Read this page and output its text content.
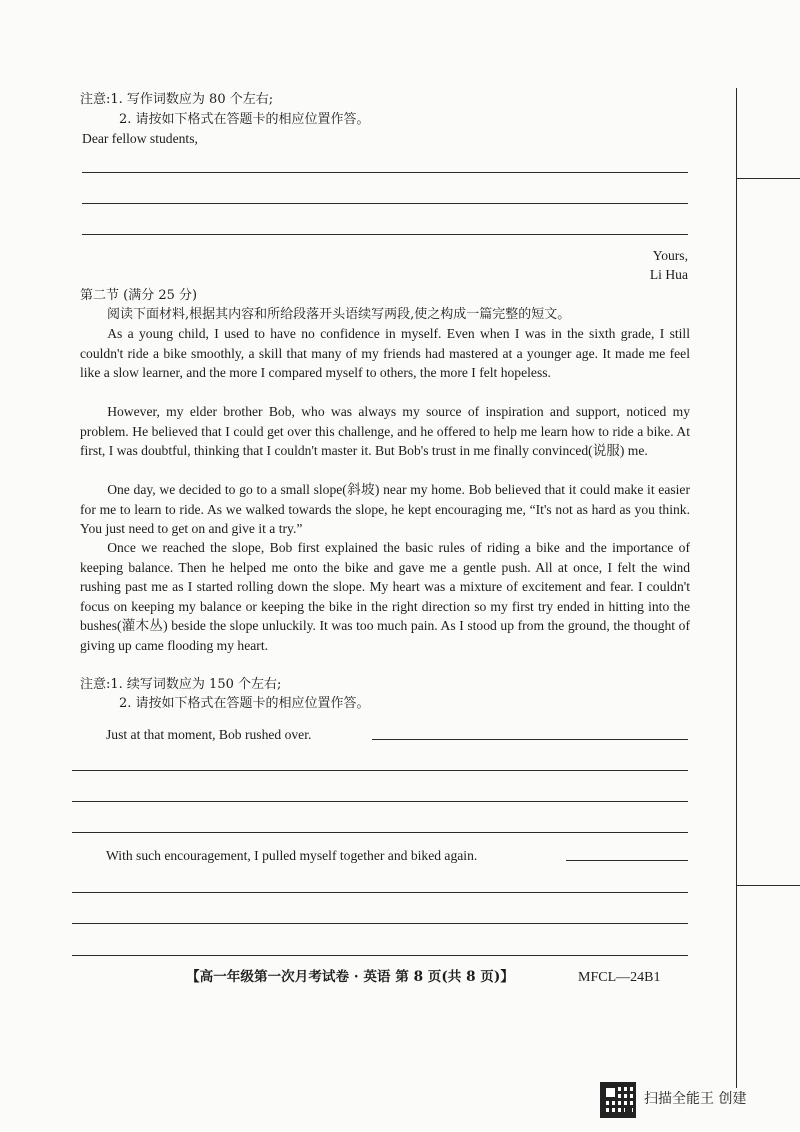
注意:1. 写作词数应为 80 个左右;
2. 请按如下格式在答题卡的相应位置作答。
Dear fellow students,
Yours,
Li Hua
第二节 (满分 25 分)
阅读下面材料,根据其内容和所给段落开头语续写两段,使之构成一篇完整的短文。
As a young child, I used to have no confidence in myself. Even when I was in the sixth grade, I still couldn't ride a bike smoothly, a skill that many of my friends had mastered at a younger age. It made me feel like a slow learner, and the more I compared myself to others, the more I felt hopeless.
However, my elder brother Bob, who was always my source of inspiration and support, noticed my problem. He believed that I could get over this challenge, and he offered to help me learn how to ride a bike. At first, I was doubtful, thinking that I couldn't master it. But Bob's trust in me finally convinced(说服) me.
One day, we decided to go to a small slope(斜坡) near my home. Bob believed that it could make it easier for me to learn to ride. As we walked towards the slope, he kept encouraging me, “It's not as hard as you think. You just need to get on and give it a try.”
Once we reached the slope, Bob first explained the basic rules of riding a bike and the importance of keeping balance. Then he helped me onto the bike and gave me a gentle push. All at once, I felt the wind rushing past me as I started rolling down the slope. My heart was a mixture of excitement and fear. I couldn't focus on keeping my balance or keeping the bike in the right direction so my first try ended in hitting into the bushes(灌木丛) beside the slope unluckily. It was too much pain. As I stood up from the ground, the thought of giving up came flooding my heart.
注意:1. 续写词数应为 150 个左右;
2. 请按如下格式在答题卡的相应位置作答。
Just at that moment, Bob rushed over.
With such encouragement, I pulled myself together and biked again.
【高一年级第一次月考试卷 · 英语 第 8 页(共 8 页)】	MFCL—24B1
扫描全能王 创建
